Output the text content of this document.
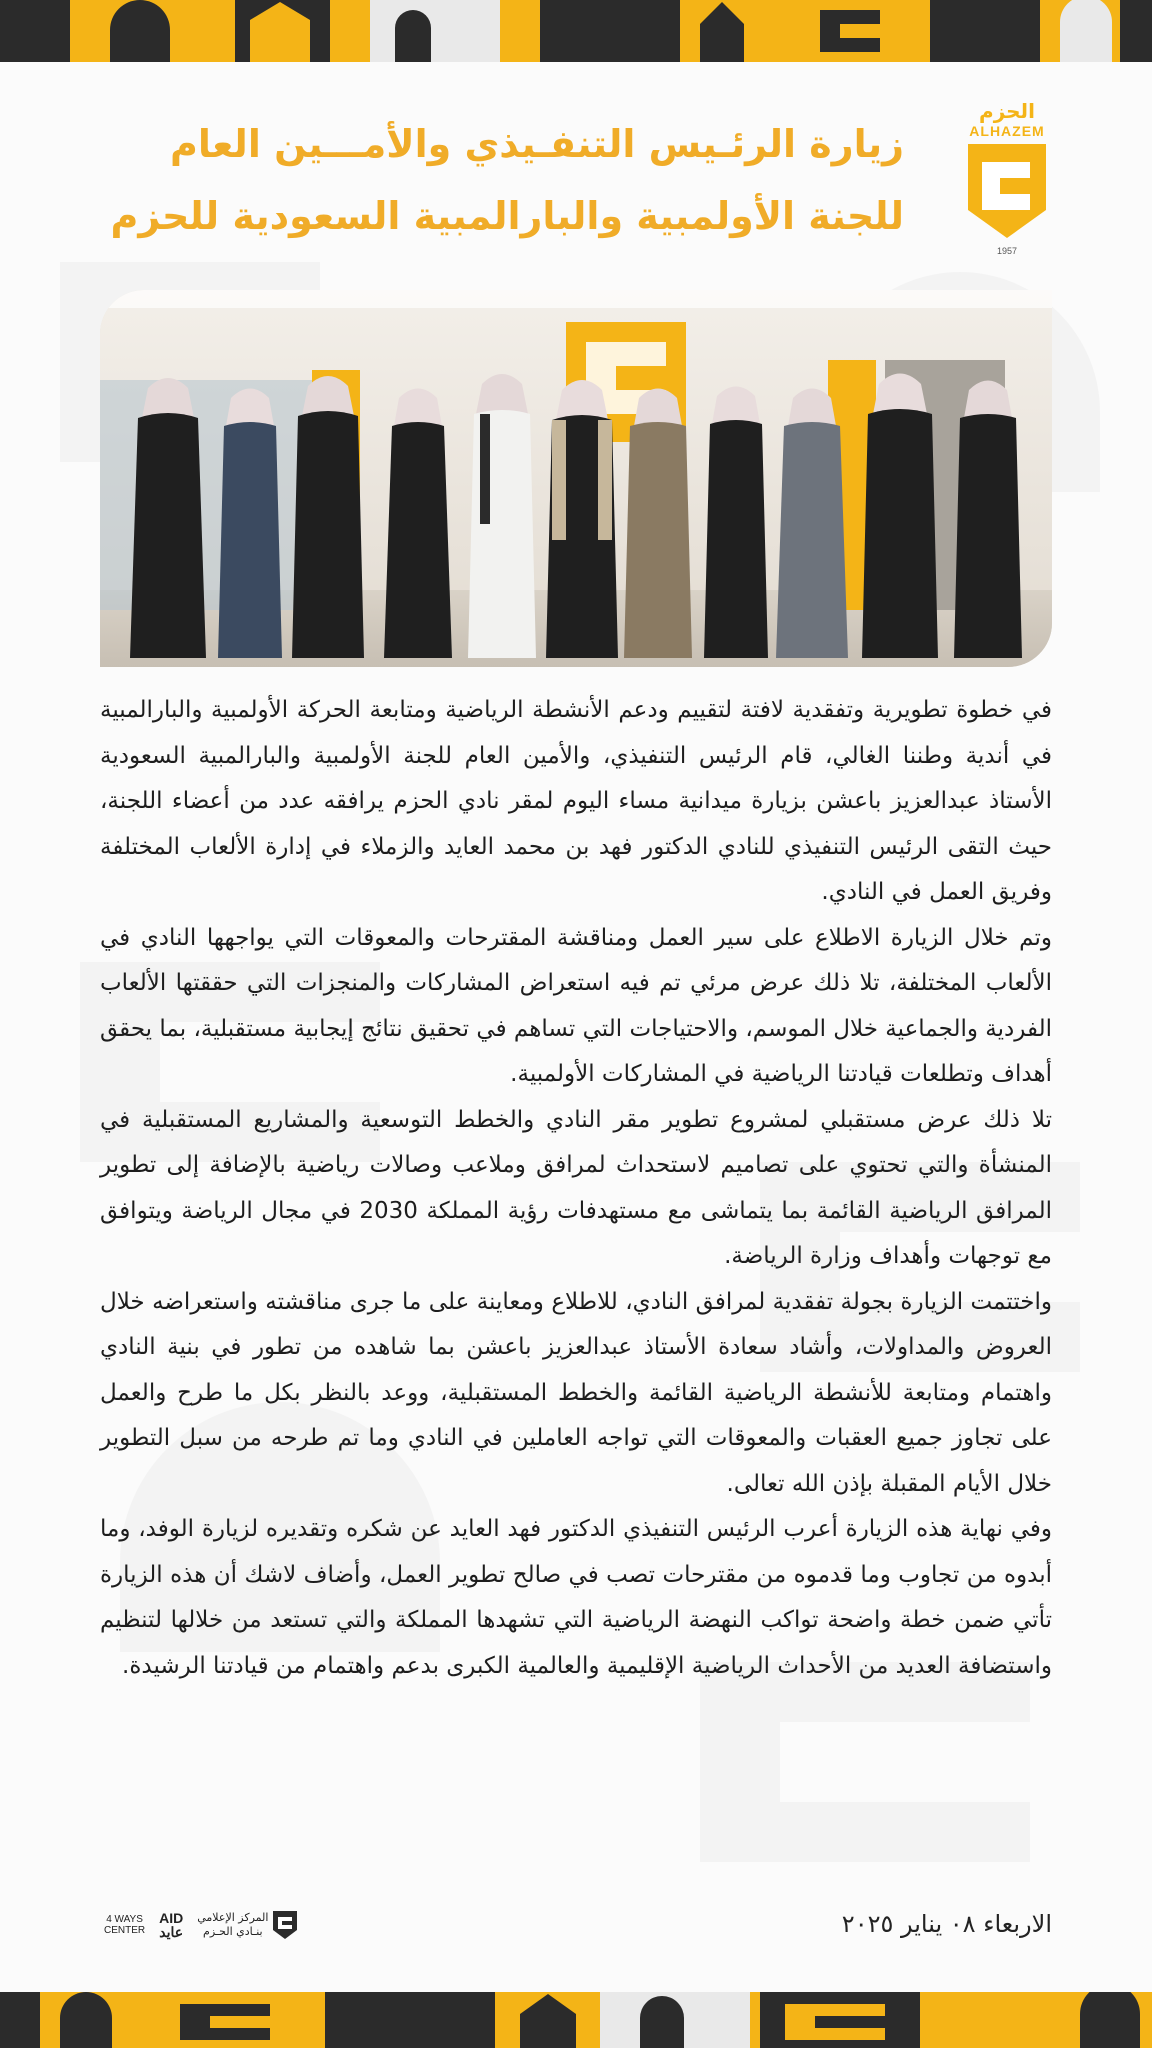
الحزم
ALHAZEM
1957
زيارة الرئـيس التنفـيذي والأمـــين العام
للجنة الأولمبية والبارالمبية السعودية للحزم

في خطوة تطويرية وتفقدية لافتة لتقييم ودعم الأنشطة الرياضية ومتابعة الحركة الأولمبية والبارالمبية في أندية وطننا الغالي، قام الرئيس التنفيذي، والأمين العام للجنة الأولمبية والبارالمبية السعودية الأستاذ عبدالعزيز باعشن بزيارة ميدانية مساء اليوم لمقر نادي الحزم يرافقه عدد من أعضاء اللجنة، حيث التقى الرئيس التنفيذي للنادي الدكتور فهد بن محمد العايد والزملاء في إدارة الألعاب المختلفة وفريق العمل في النادي.

وتم خلال الزيارة الاطلاع على سير العمل ومناقشة المقترحات والمعوقات التي يواجهها النادي في الألعاب المختلفة، تلا ذلك عرض مرئي تم فيه استعراض المشاركات والمنجزات التي حققتها الألعاب الفردية والجماعية خلال الموسم، والاحتياجات التي تساهم في تحقيق نتائج إيجابية مستقبلية، بما يحقق أهداف وتطلعات قيادتنا الرياضية في المشاركات الأولمبية.

تلا ذلك عرض مستقبلي لمشروع تطوير مقر النادي والخطط التوسعية والمشاريع المستقبلية في المنشأة والتي تحتوي على تصاميم لاستحداث لمرافق وملاعب وصالات رياضية بالإضافة إلى تطوير المرافق الرياضية القائمة بما يتماشى مع مستهدفات رؤية المملكة 2030 في مجال الرياضة ويتوافق مع توجهات وأهداف وزارة الرياضة.

واختتمت الزيارة بجولة تفقدية لمرافق النادي، للاطلاع ومعاينة على ما جرى مناقشته واستعراضه خلال العروض والمداولات، وأشاد سعادة الأستاذ عبدالعزيز باعشن بما شاهده من تطور في بنية النادي واهتمام ومتابعة للأنشطة الرياضية القائمة والخطط المستقبلية، ووعد بالنظر بكل ما طرح والعمل على تجاوز جميع العقبات والمعوقات التي تواجه العاملين في النادي وما تم طرحه من سبل التطوير خلال الأيام المقبلة بإذن الله تعالى.

وفي نهاية هذه الزيارة أعرب الرئيس التنفيذي الدكتور فهد العايد عن شكره وتقديره لزيارة الوفد، وما أبدوه من تجاوب وما قدموه من مقترحات تصب في صالح تطوير العمل، وأضاف لاشك أن هذه الزيارة تأتي ضمن خطة واضحة تواكب النهضة الرياضية التي تشهدها المملكة والتي تستعد من خلالها لتنظيم واستضافة العديد من الأحداث الرياضية الإقليمية والعالمية الكبرى بدعم واهتمام من قيادتنا الرشيدة.

الاربعاء ٠٨ يناير ٢٠٢٥
4 WAYS
CENTER
AID
عايد
المركز الإعلامي
بنـادي الحـزم
